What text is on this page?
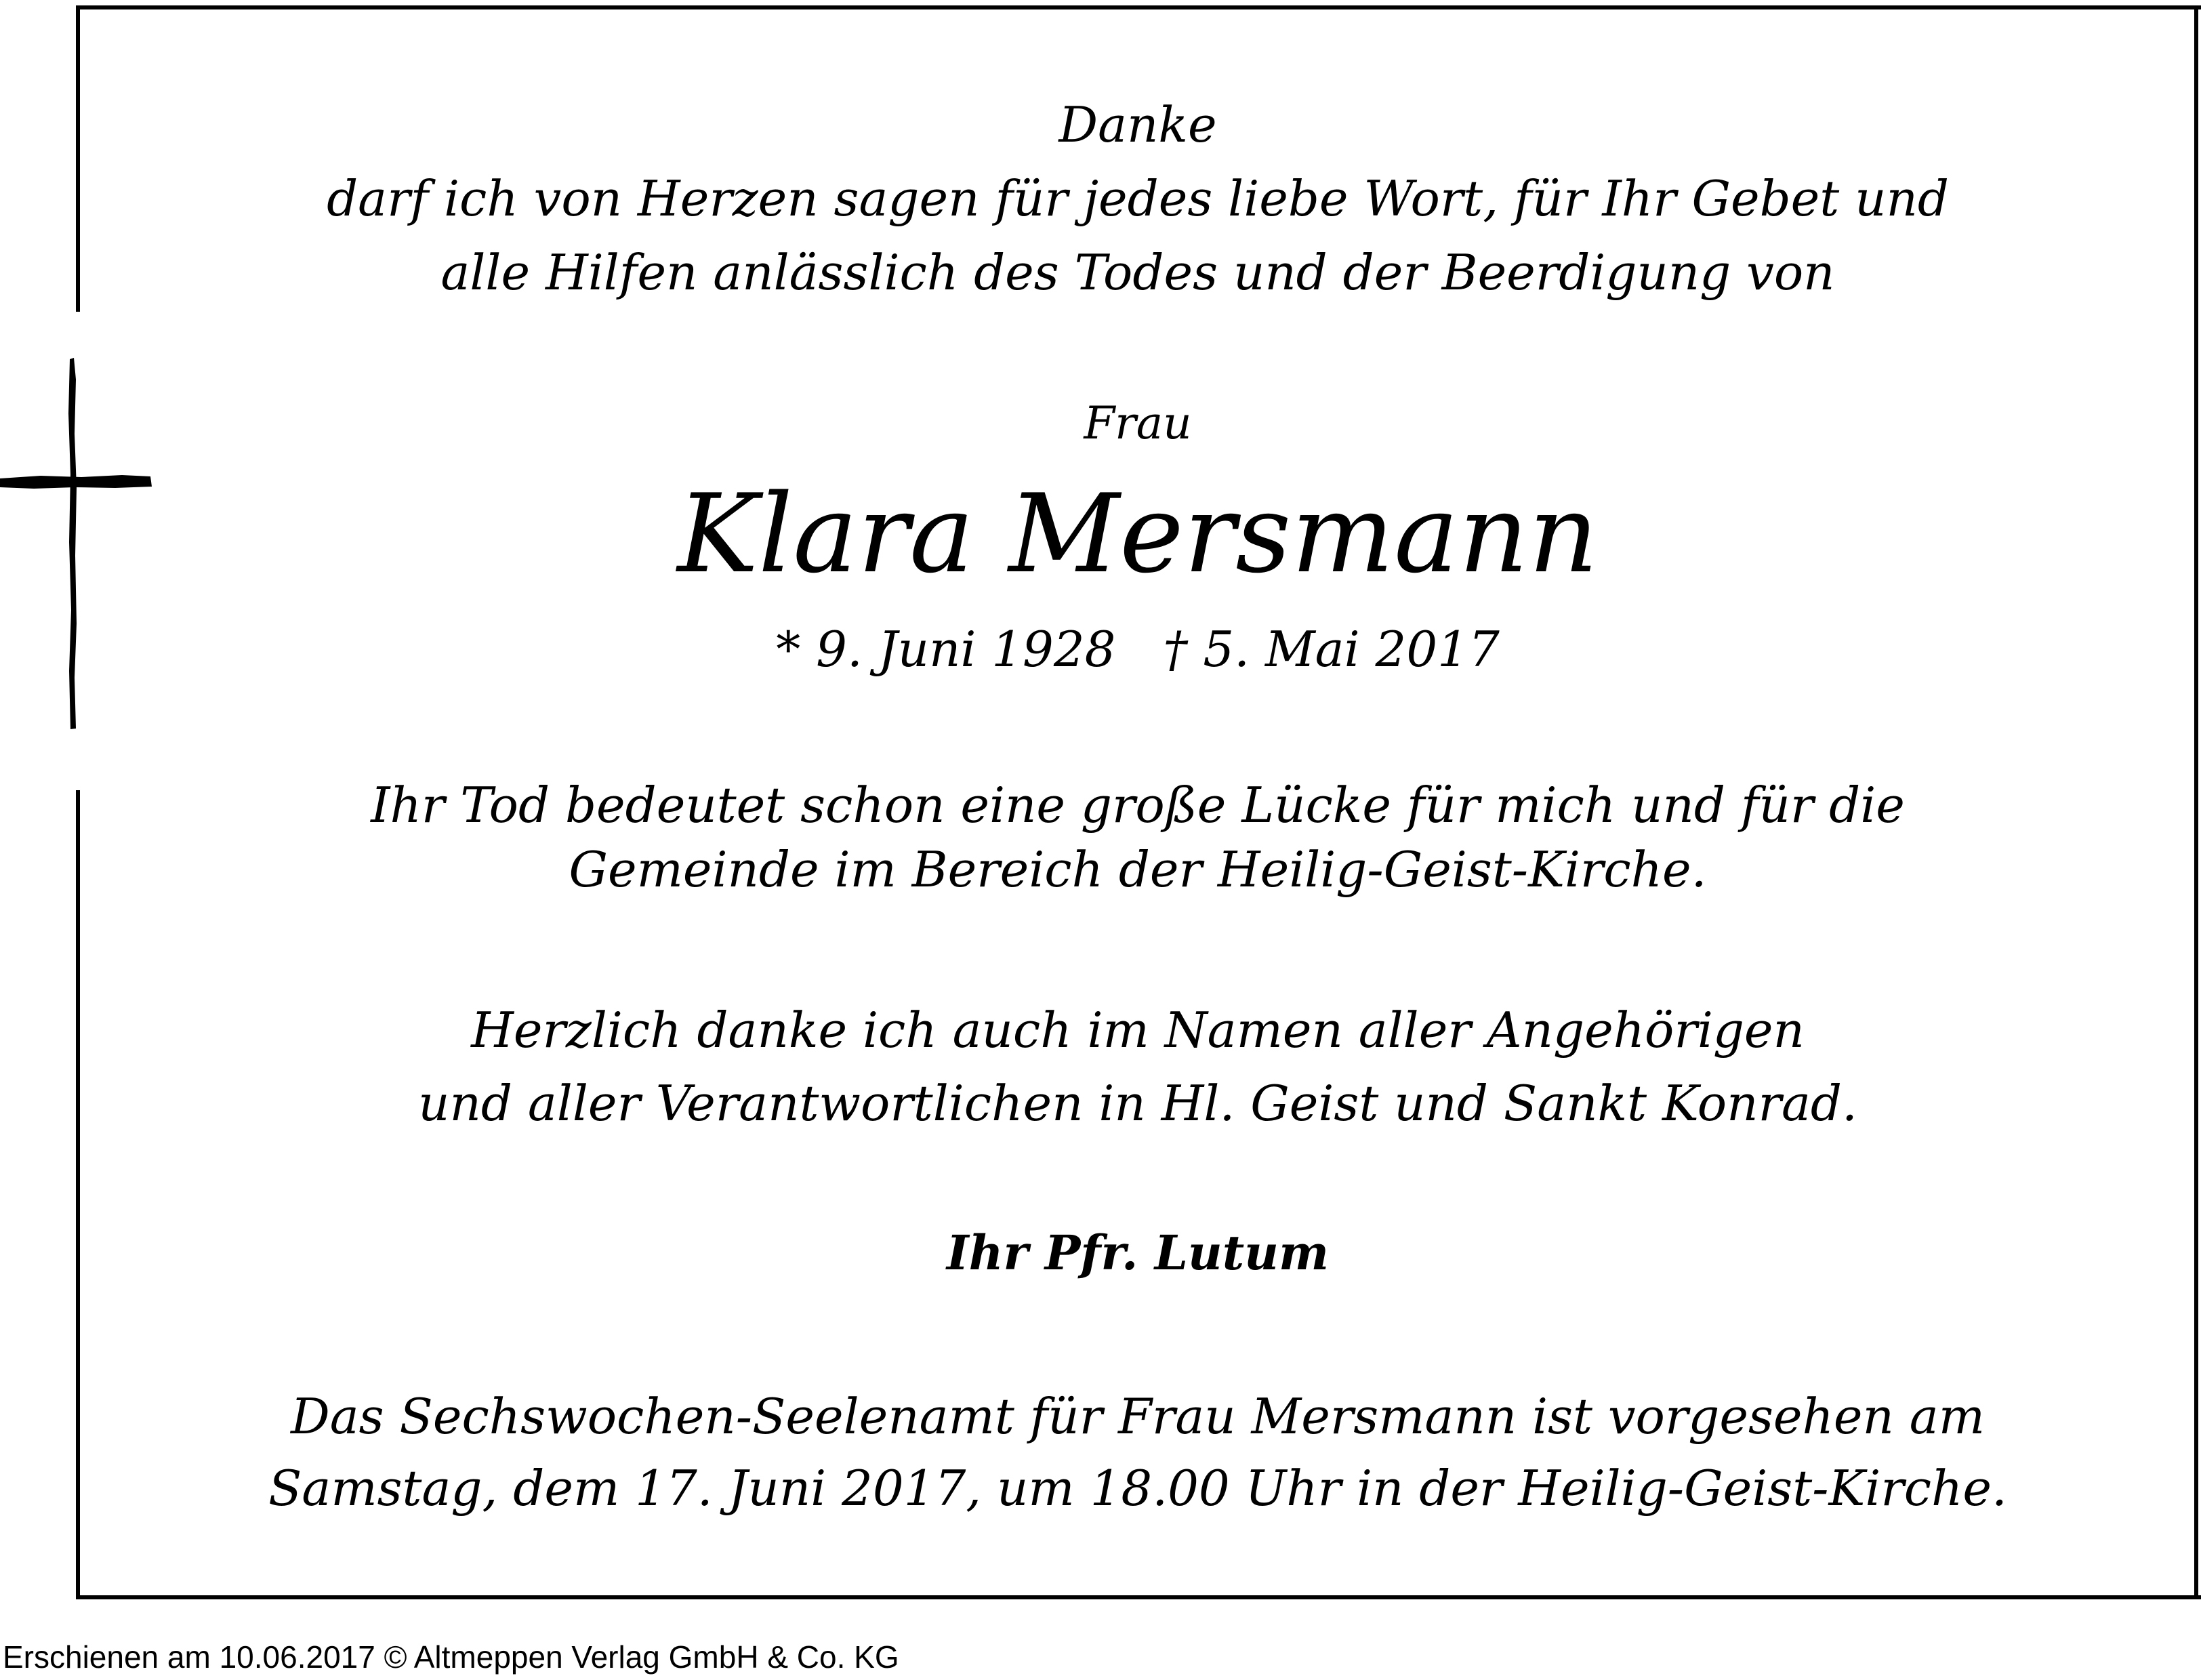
Danke
darf ich von Herzen sagen für jedes liebe Wort, für Ihr Gebet und
alle Hilfen anlässlich des Todes und der Beerdigung von
Frau
Klara Mersmann
* 9. Juni 1928 † 5. Mai 2017
Ihr Tod bedeutet schon eine große Lücke für mich und für die
Gemeinde im Bereich der Heilig-Geist-Kirche.
Herzlich danke ich auch im Namen aller Angehörigen
und aller Verantwortlichen in Hl. Geist und Sankt Konrad.
Ihr Pfr. Lutum
Das Sechswochen-Seelenamt für Frau Mersmann ist vorgesehen am
Samstag, dem 17. Juni 2017, um 18.00 Uhr in der Heilig-Geist-Kirche.
Erschienen am 10.06.2017 © Altmeppen Verlag GmbH & Co. KG
